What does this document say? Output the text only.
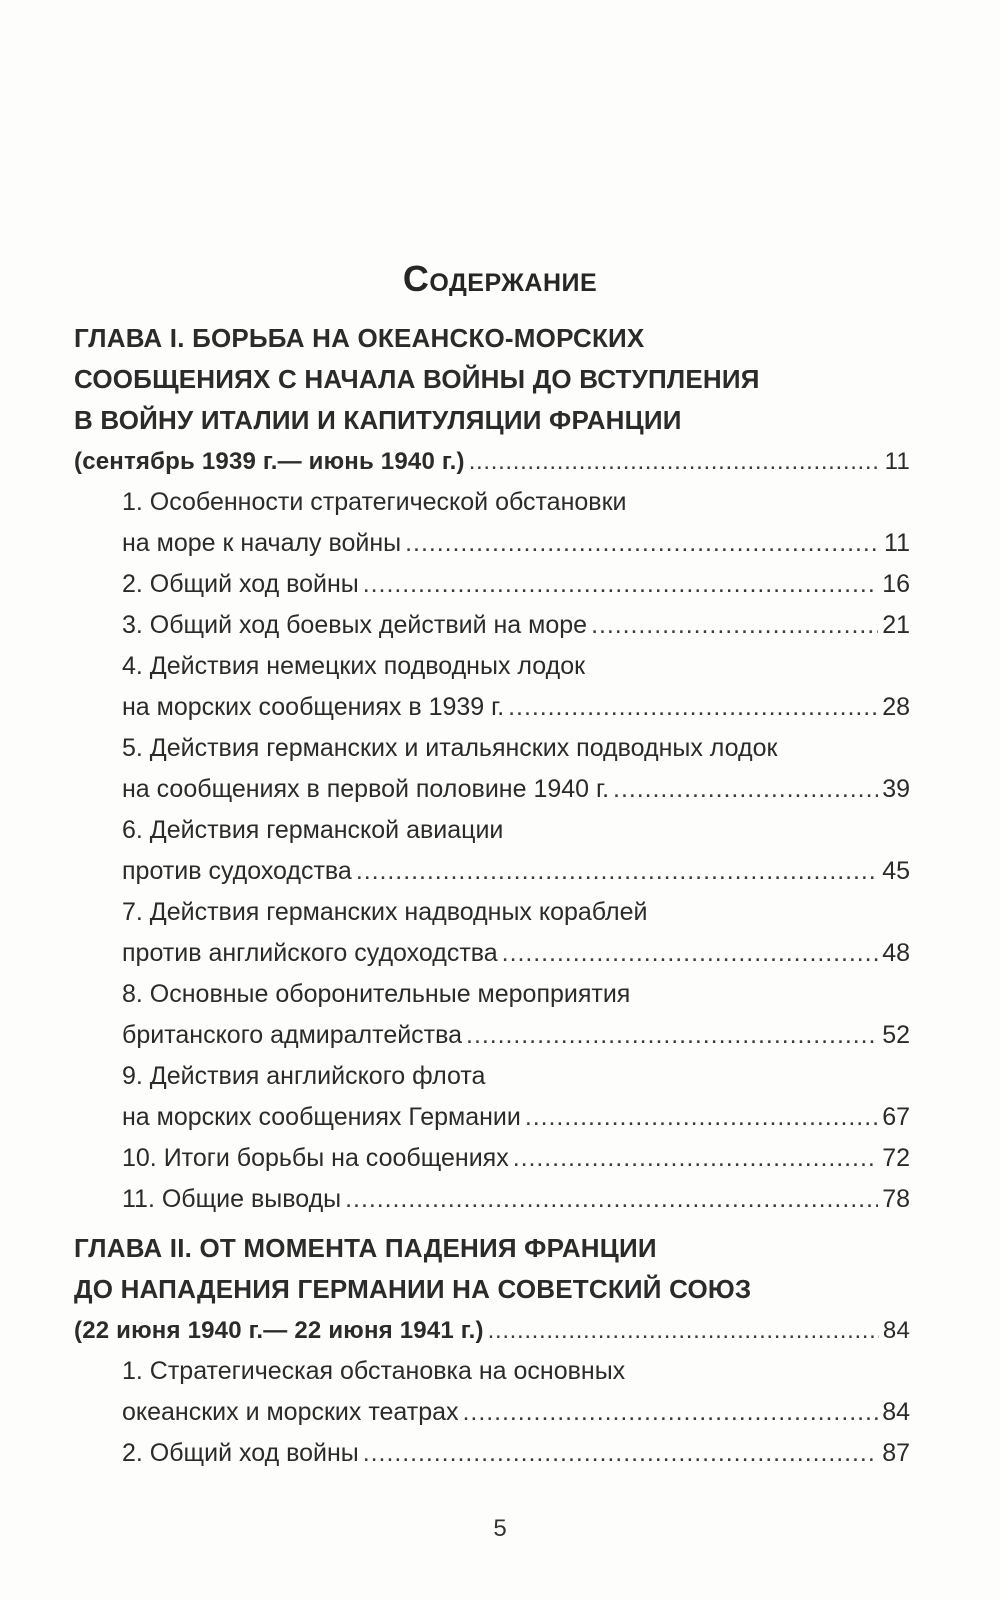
Содержание
ГЛАВА I. БОРЬБА НА ОКЕАНСКО-МОРСКИХ
СООБЩЕНИЯХ С НАЧАЛА ВОЙНЫ ДО ВСТУПЛЕНИЯ
В ВОЙНУ ИТАЛИИ И КАПИТУЛЯЦИИ ФРАНЦИИ
(сентябрь 1939 г.— июнь 1940 г.) . . .	11
1. Особенности стратегической обстановки
на море к началу войны . . .	11
2. Общий ход войны . . .	16
3. Общий ход боевых действий на море . . .	21
4. Действия немецких подводных лодок
на морских сообщениях в 1939 г. . . .	28
5. Действия германских и итальянских подводных лодок
на сообщениях в первой половине 1940 г. . . .	39
6. Действия германской авиации
против судоходства . . .	45
7. Действия германских надводных кораблей
против английского судоходства . . .	48
8. Основные оборонительные мероприятия
британского адмиралтейства . . .	52
9. Действия английского флота
на морских сообщениях Германии . . .	67
10. Итоги борьбы на сообщениях . . .	72
11. Общие выводы . . .	78
ГЛАВА II. ОТ МОМЕНТА ПАДЕНИЯ ФРАНЦИИ
ДО НАПАДЕНИЯ ГЕРМАНИИ НА СОВЕТСКИЙ СОЮЗ
(22 июня 1940 г.— 22 июня 1941 г.) . . .	84
1. Стратегическая обстановка на основных
океанских и морских театрах . . .	84
2. Общий ход войны . . .	87
5
